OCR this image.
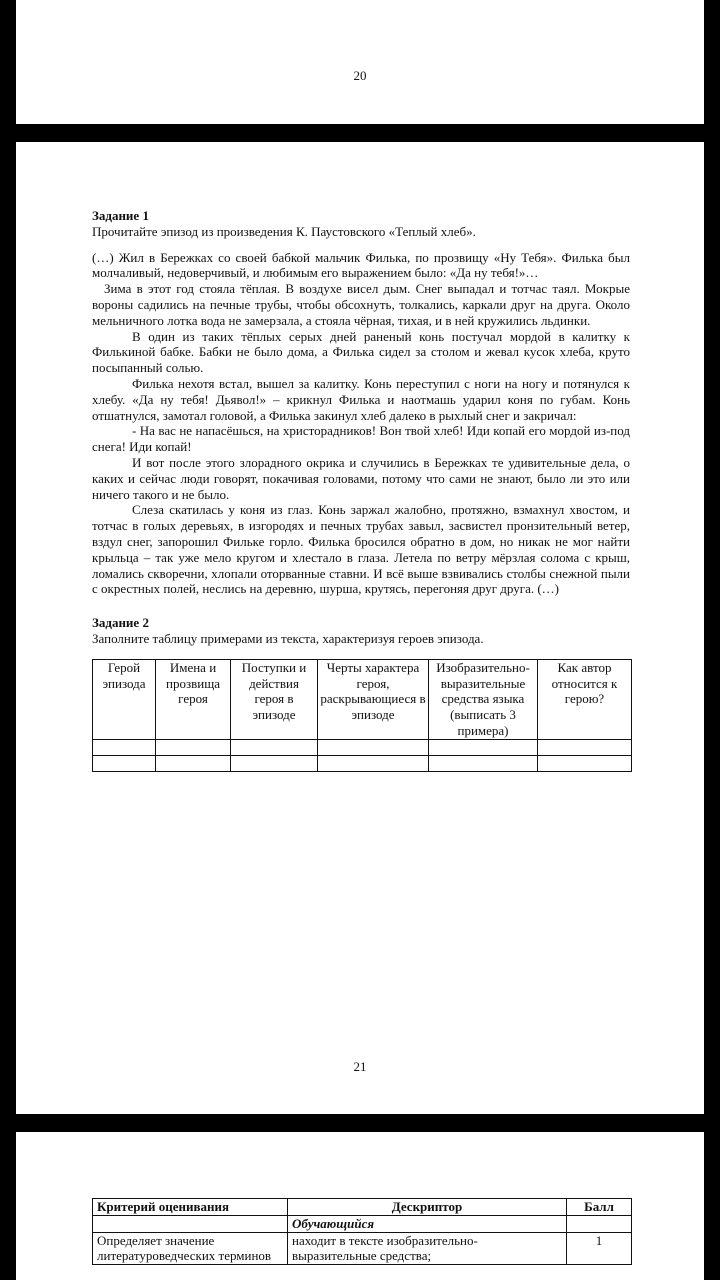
20

Задание 1

Прочитайте эпизод из произведения К. Паустовского «Теплый хлеб».

(…) Жил в Бережках со своей бабкой мальчик Филька, по прозвищу «Ну Тебя». Филька был молчаливый, недоверчивый, и любимым его выражением было: «Да ну тебя!»…

Зима в этот год стояла тёплая. В воздухе висел дым. Снег выпадал и тотчас таял. Мокрые вороны садились на печные трубы, чтобы обсохнуть, толкались, каркали друг на друга. Около мельничного лотка вода не замерзала, а стояла чёрная, тихая, и в ней кружились льдинки.

В один из таких тёплых серых дней раненый конь постучал мордой в калитку к Филькиной бабке. Бабки не было дома, а Филька сидел за столом и жевал кусок хлеба, круто посыпанный солью.

Филька нехотя встал, вышел за калитку. Конь переступил с ноги на ногу и потянулся к хлебу. «Да ну тебя! Дьявол!» – крикнул Филька и наотмашь ударил коня по губам. Конь отшатнулся, замотал головой, а Филька закинул хлеб далеко в рыхлый снег и закричал:

- На вас не напасёшься, на христорадников! Вон твой хлеб! Иди копай его мордой из-под снега! Иди копай!

И вот после этого злорадного окрика и случились в Бережках те удивительные дела, о каких и сейчас люди говорят, покачивая головами, потому что сами не знают, было ли это или ничего такого и не было.

Слеза скатилась у коня из глаз. Конь заржал жалобно, протяжно, взмахнул хвостом, и тотчас в голых деревьях, в изгородях и печных трубах завыл, засвистел пронзительный ветер, вздул снег, запорошил Фильке горло. Филька бросился обратно в дом, но никак не мог найти крыльца – так уже мело кругом и хлестало в глаза. Летела по ветру мёрзлая солома с крыш, ломались скворечни, хлопали оторванные ставни. И всё выше взвивались столбы снежной пыли с окрестных полей, неслись на деревню, шурша, крутясь, перегоняя друг друга. (…)

Задание 2

Заполните таблицу примерами из текста, характеризуя героев эпизода.

Герой эпизода	Имена и прозвища героя	Поступки и действия героя в эпизоде	Черты характера героя, раскрывающиеся в эпизоде	Изобразительно-выразительные средства языка (выписать 3 примера)	Как автор относится к герою?

21
Критерий оценивания	Дескриптор	Балл
	Обучающийся	
Определяет значение литературоведческих терминов	находит в тексте изобразительно-выразительные средства;	1
